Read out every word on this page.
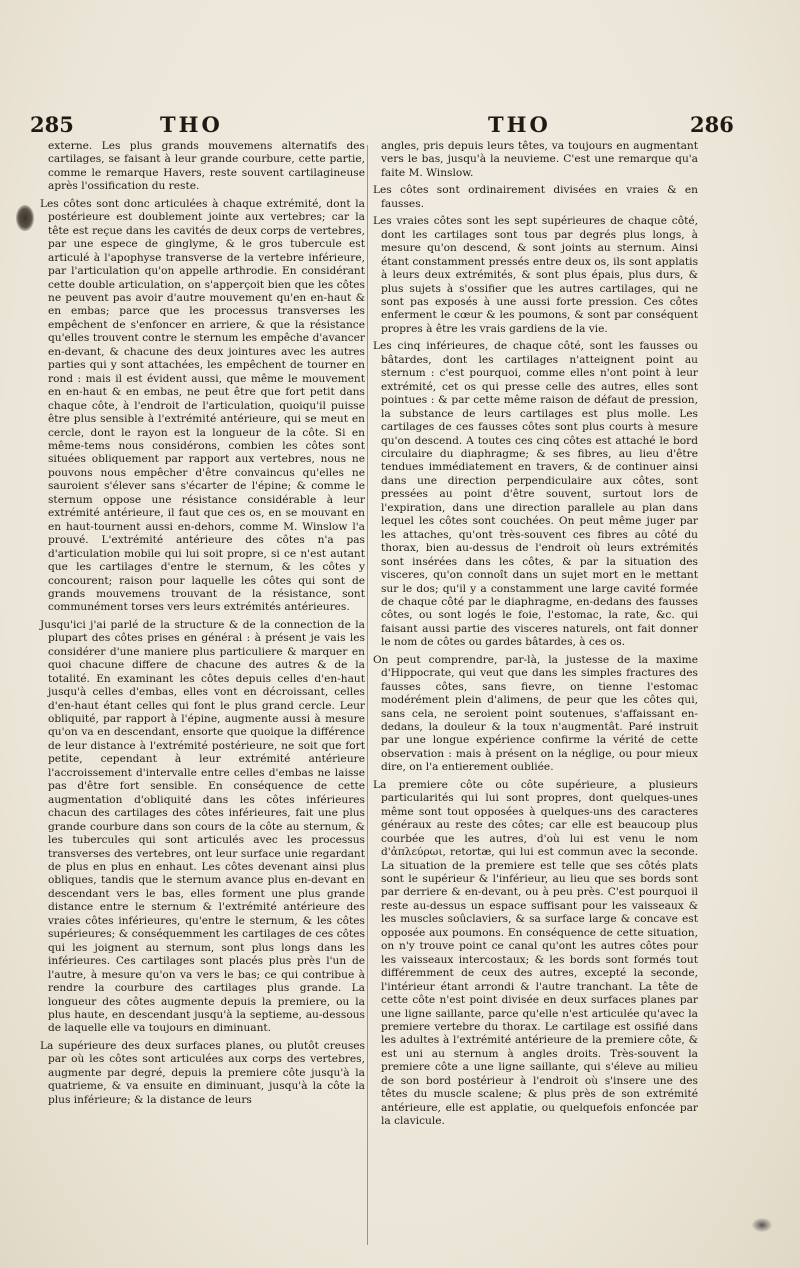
285	THO	THO	286

externe. Les plus grands mouvemens alternatifs des cartilages, se faisant à leur grande courbure, cette partie, comme le remarque Havers, reste souvent cartilagineuse après l'ossification du reste.

Les côtes sont donc articulées à chaque extrémité, dont la postérieure est doublement jointe aux vertebres; car la tête est reçue dans les cavités de deux corps de vertebres, par une espece de ginglyme, & le gros tubercule est articulé à l'apophyse transverse de la vertebre inférieure, par l'articulation qu'on appelle arthrodie. En considérant cette double articulation, on s'apperçoit bien que les côtes ne peuvent pas avoir d'autre mouvement qu'en en-haut & en embas; parce que les processus transverses les empêchent de s'enfoncer en arriere, & que la résistance qu'elles trouvent contre le sternum les empêche d'avancer en-devant, & chacune des deux jointures avec les autres parties qui y sont attachées, les empêchent de tourner en rond : mais il est évident aussi, que même le mouvement en en-haut & en embas, ne peut être que fort petit dans chaque côte, à l'endroit de l'articulation, quoiqu'il puisse être plus sensible à l'extrémité antérieure, qui se meut en cercle, dont le rayon est la longueur de la côte. Si en même-tems nous considérons, combien les côtes sont situées obliquement par rapport aux vertebres, nous ne pouvons nous empêcher d'être convaincus qu'elles ne sauroient s'élever sans s'écarter de l'épine; & comme le sternum oppose une résistance considérable à leur extrémité antérieure, il faut que ces os, en se mouvant en en haut-tournent aussi en-dehors, comme M. Winslow l'a prouvé. L'extrémité antérieure des côtes n'a pas d'articulation mobile qui lui soit propre, si ce n'est autant que les cartilages d'entre le sternum, & les côtes y concourent; raison pour laquelle les côtes qui sont de grands mouvemens trouvant de la résistance, sont communément torses vers leurs extrémités antérieures.

Jusqu'ici j'ai parlé de la structure & de la connection de la plupart des côtes prises en général : à présent je vais les considérer d'une maniere plus particuliere & marquer en quoi chacune differe de chacune des autres & de la totalité. En examinant les côtes depuis celles d'en-haut jusqu'à celles d'embas, elles vont en décroissant, celles d'en-haut étant celles qui font le plus grand cercle. Leur obliquité, par rapport à l'épine, augmente aussi à mesure qu'on va en descendant, ensorte que quoique la différence de leur distance à l'extrémité postérieure, ne soit que fort petite, cependant à leur extrémité antérieure l'accroissement d'intervalle entre celles d'embas ne laisse pas d'être fort sensible. En conséquence de cette augmentation d'obliquité dans les côtes inférieures chacun des cartilages des côtes inférieures, fait une plus grande courbure dans son cours de la côte au sternum, & les tubercules qui sont articulés avec les processus transverses des vertebres, ont leur surface unie regardant de plus en plus en enhaut. Les côtes devenant ainsi plus obliques, tandis que le sternum avance plus en-devant en descendant vers le bas, elles forment une plus grande distance entre le sternum & l'extrémité antérieure des vraies côtes inférieures, qu'entre le sternum, & les côtes supérieures; & conséquemment les cartilages de ces côtes qui les joignent au sternum, sont plus longs dans les inférieures. Ces cartilages sont placés plus près l'un de l'autre, à mesure qu'on va vers le bas; ce qui contribue à rendre la courbure des cartilages plus grande. La longueur des côtes augmente depuis la premiere, ou la plus haute, en descendant jusqu'à la septieme, au-dessous de laquelle elle va toujours en diminuant.

La supérieure des deux surfaces planes, ou plutôt creuses par où les côtes sont articulées aux corps des vertebres, augmente par degré, depuis la premiere côte jusqu'à la quatrieme, & va ensuite en diminuant, jusqu'à la côte la plus inférieure; & la distance de leurs

angles, pris depuis leurs têtes, va toujours en augmentant vers le bas, jusqu'à la neuvieme. C'est une remarque qu'a faite M. Winslow.

Les côtes sont ordinairement divisées en vraies & en fausses.

Les vraies côtes sont les sept supérieures de chaque côté, dont les cartilages sont tous par degrés plus longs, à mesure qu'on descend, & sont joints au sternum. Ainsi étant constamment pressés entre deux os, ils sont applatis à leurs deux extrémités, & sont plus épais, plus durs, & plus sujets à s'ossifier que les autres cartilages, qui ne sont pas exposés à une aussi forte pression. Ces côtes enferment le cœur & les poumons, & sont par conséquent propres à être les vrais gardiens de la vie.

Les cinq inférieures, de chaque côté, sont les fausses ou bâtardes, dont les cartilages n'atteignent point au sternum : c'est pourquoi, comme elles n'ont point à leur extrémité, cet os qui presse celle des autres, elles sont pointues : & par cette même raison de défaut de pression, la substance de leurs cartilages est plus molle. Les cartilages de ces fausses côtes sont plus courts à mesure qu'on descend. A toutes ces cinq côtes est attaché le bord circulaire du diaphragme; & ses fibres, au lieu d'être tendues immédiatement en travers, & de continuer ainsi dans une direction perpendiculaire aux côtes, sont pressées au point d'être souvent, surtout lors de l'expiration, dans une direction parallele au plan dans lequel les côtes sont couchées. On peut même juger par les attaches, qu'ont très-souvent ces fibres au côté du thorax, bien au-dessus de l'endroit où leurs extrémités sont insérées dans les côtes, & par la situation des visceres, qu'on connoît dans un sujet mort en le mettant sur le dos; qu'il y a constamment une large cavité formée de chaque côté par le diaphragme, en-dedans des fausses côtes, ou sont logés le foie, l'estomac, la rate, &c. qui faisant aussi partie des visceres naturels, ont fait donner le nom de côtes ou gardes bâtardes, à ces os.

On peut comprendre, par-là, la justesse de la maxime d'Hippocrate, qui veut que dans les simples fractures des fausses côtes, sans fievre, on tienne l'estomac modérément plein d'alimens, de peur que les côtes qui, sans cela, ne seroient point soutenues, s'affaissant en-dedans, la douleur & la toux n'augmentât. Paré instruit par une longue expérience confirme la vérité de cette observation : mais à présent on la néglige, ou pour mieux dire, on l'a entierement oubliée.

La premiere côte ou côte supérieure, a plusieurs particularités qui lui sont propres, dont quelques-unes même sont tout opposées à quelques-uns des caracteres généraux au reste des côtes; car elle est beaucoup plus courbée que les autres, d'où lui est venu le nom d'ἀπλεύρωι, retortæ, qui lui est commun avec la seconde. La situation de la premiere est telle que ses côtés plats sont le supérieur & l'inférieur, au lieu que ses bords sont par derriere & en-devant, ou à peu près. C'est pourquoi il reste au-dessus un espace suffisant pour les vaisseaux & les muscles soûclaviers, & sa surface large & concave est opposée aux poumons. En conséquence de cette situation, on n'y trouve point ce canal qu'ont les autres côtes pour les vaisseaux intercostaux; & les bords sont formés tout différemment de ceux des autres, excepté la seconde, l'intérieur étant arrondi & l'autre tranchant. La tête de cette côte n'est point divisée en deux surfaces planes par une ligne saillante, parce qu'elle n'est articulée qu'avec la premiere vertebre du thorax. Le cartilage est ossifié dans les adultes à l'extrémité antérieure de la premiere côte, & est uni au sternum à angles droits. Très-souvent la premiere côte a une ligne saillante, qui s'éleve au milieu de son bord postérieur à l'endroit où s'insere une des têtes du muscle scalene; & plus près de son extrémité antérieure, elle est applatie, ou quelquefois enfoncée par la clavicule.
